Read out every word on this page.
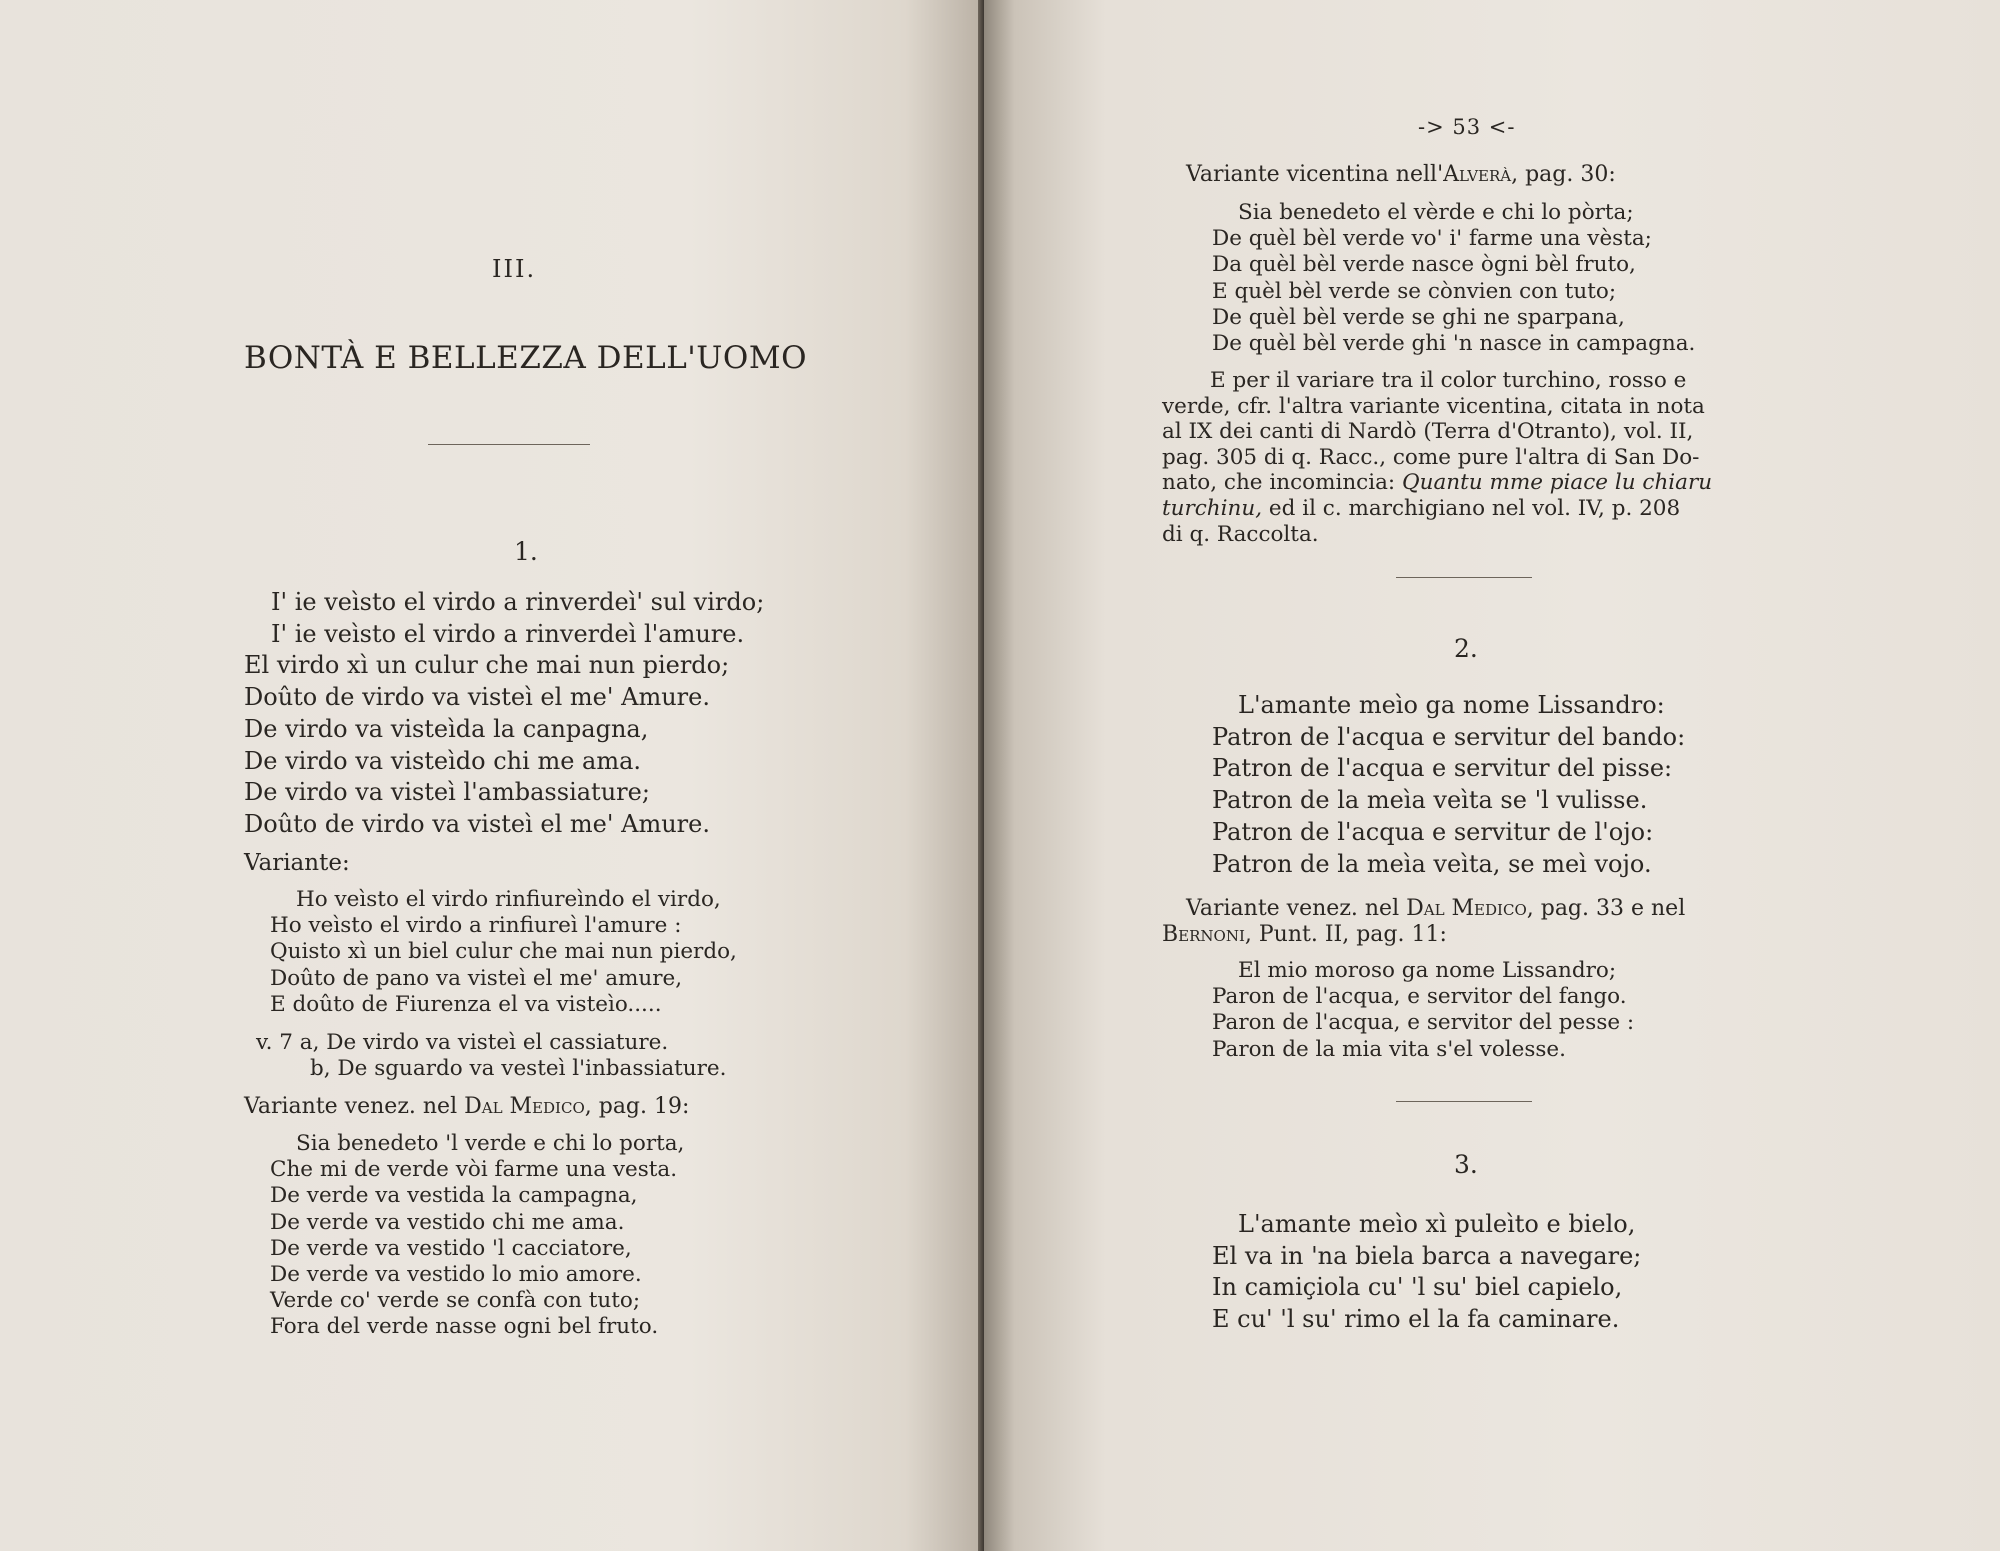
III.
BONTÀ E BELLEZZA DELL'UOMO
1.
I' ie veìsto el virdo a rinverdeì' sul virdo;
I' ie veìsto el virdo a rinverdeì l'amure.
El virdo xì un culur che mai nun pierdo;
Doûto de virdo va visteì el me' Amure.
De virdo va visteìda la canpagna,
De virdo va visteìdo chi me ama.
De virdo va visteì l'ambassiature;
Doûto de virdo va visteì el me' Amure.
Variante:
Ho veìsto el virdo rinfiureìndo el virdo,
Ho veìsto el virdo a rinfiureì l'amure :
Quisto xì un biel culur che mai nun pierdo,
Doûto de pano va visteì el me' amure,
E doûto de Fiurenza el va visteìo.....
v. 7 a, De virdo va visteì el cassiature.
b, De sguardo va vesteì l'inbassiature.
Variante venez. nel Dal Medico, pag. 19:
Sia benedeto 'l verde e chi lo porta,
Che mi de verde vòi farme una vesta.
De verde va vestida la campagna,
De verde va vestido chi me ama.
De verde va vestido 'l cacciatore,
De verde va vestido lo mio amore.
Verde co' verde se confà con tuto;
Fora del verde nasse ogni bel fruto.
-> 53 <-
Variante vicentina nell'Alverà, pag. 30:
Sia benedeto el vèrde e chi lo pòrta;
De quèl bèl verde vo' i' farme una vèsta;
Da quèl bèl verde nasce ògni bèl fruto,
E quèl bèl verde se cònvien con tuto;
De quèl bèl verde se ghi ne sparpana,
De quèl bèl verde ghi 'n nasce in campagna.
E per il variare tra il color turchino, rosso e
verde, cfr. l'altra variante vicentina, citata in nota
al IX dei canti di Nardò (Terra d'Otranto), vol. II,
pag. 305 di q. Racc., come pure l'altra di San Do-
nato, che incomincia: Quantu mme piace lu chiaru
turchinu, ed il c. marchigiano nel vol. IV, p. 208
di q. Raccolta.
2.
L'amante meìo ga nome Lissandro:
Patron de l'acqua e servitur del bando:
Patron de l'acqua e servitur del pisse:
Patron de la meìa veìta se 'l vulisse.
Patron de l'acqua e servitur de l'ojo:
Patron de la meìa veìta, se meì vojo.
Variante venez. nel Dal Medico, pag. 33 e nel
Bernoni, Punt. II, pag. 11:
El mio moroso ga nome Lissandro;
Paron de l'acqua, e servitor del fango.
Paron de l'acqua, e servitor del pesse :
Paron de la mia vita s'el volesse.
3.
L'amante meìo xì puleìto e bielo,
El va in 'na biela barca a navegare;
In camiçiola cu' 'l su' biel capielo,
E cu' 'l su' rimo el la fa caminare.
